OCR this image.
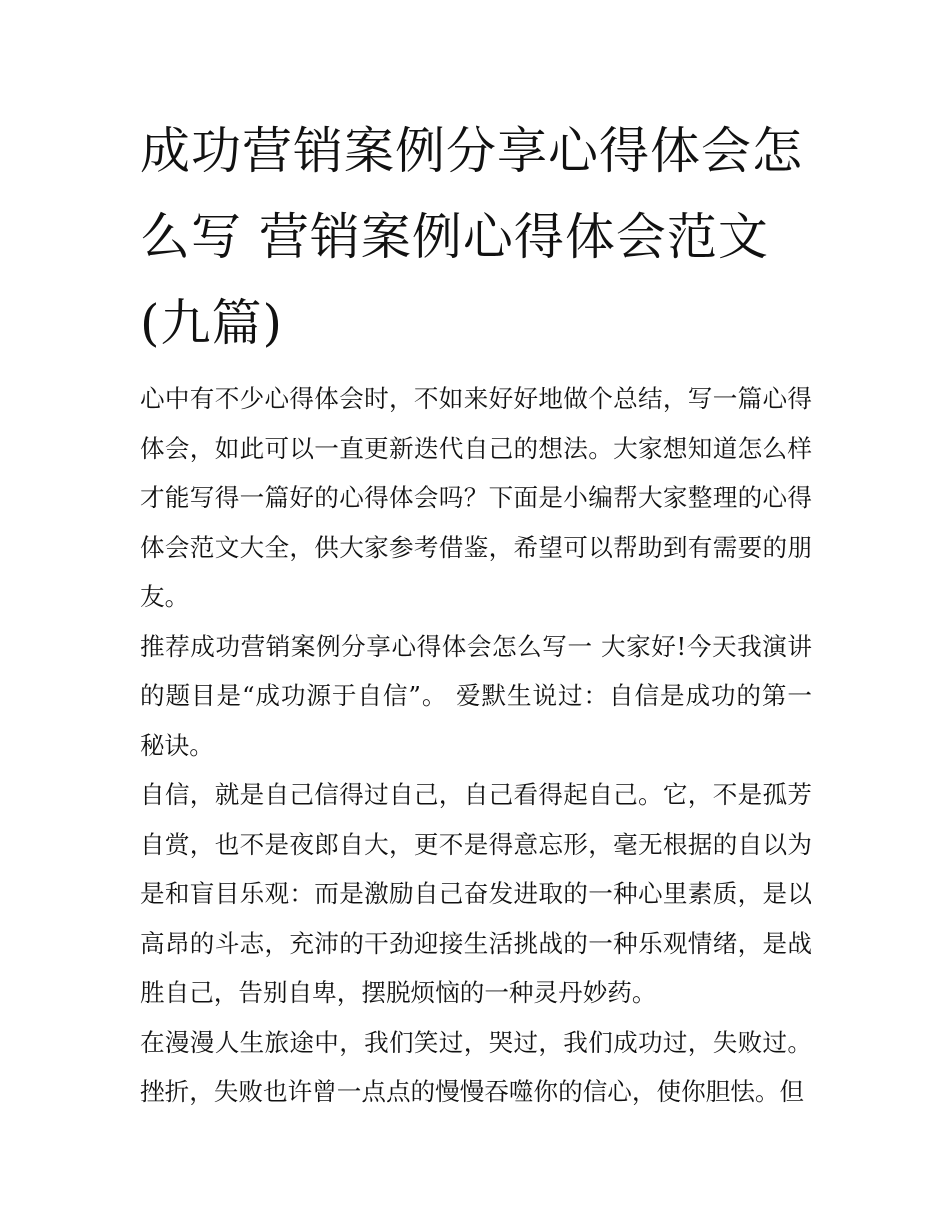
成功营销案例分享心得体会怎么写 营销案例心得体会范文(九篇)

心中有不少心得体会时，不如来好好地做个总结，写一篇心得体会，如此可以一直更新迭代自己的想法。大家想知道怎么样才能写得一篇好的心得体会吗？下面是小编帮大家整理的心得体会范文大全，供大家参考借鉴，希望可以帮助到有需要的朋友。

推荐成功营销案例分享心得体会怎么写一 大家好!今天我演讲的题目是“成功源于自信”。 爱默生说过：自信是成功的第一秘诀。

自信，就是自己信得过自己，自己看得起自己。它，不是孤芳自赏，也不是夜郎自大，更不是得意忘形，毫无根据的自以为是和盲目乐观：而是激励自己奋发进取的一种心里素质，是以高昂的斗志，充沛的干劲迎接生活挑战的一种乐观情绪，是战胜自己，告别自卑，摆脱烦恼的一种灵丹妙药。

在漫漫人生旅途中，我们笑过，哭过，我们成功过，失败过。挫折，失败也许曾一点点的慢慢吞噬你的信心，使你胆怯。但
